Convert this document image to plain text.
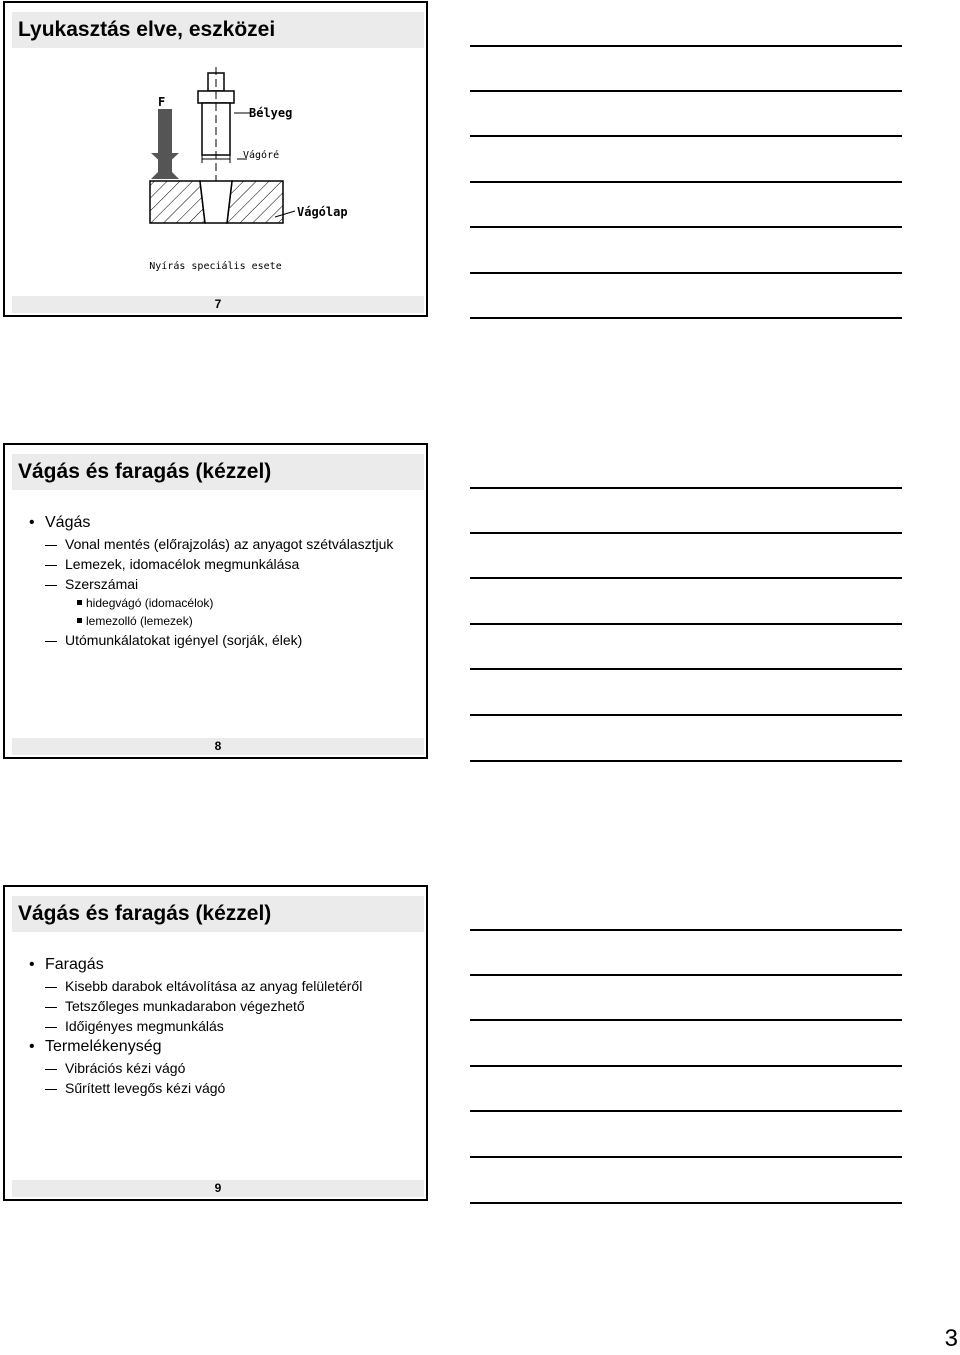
Lyukasztás elve, eszközei
F
Bélyeg
Vágóré
Vágólap
Nyírás speciális esete
7
Vágás és faragás (kézzel)
• Vágás
Vonal mentés (előrajzolás) az anyagot szétválasztjuk
Lemezek, idomacélok megmunkálása
Szerszámai
hidegvágó (idomacélok)
lemezolló (lemezek)
Utómunkálatokat igényel (sorják, élek)
8
Vágás és faragás (kézzel)
• Faragás
Kisebb darabok eltávolítása az anyag felületéről
Tetszőleges munkadarabon végezhető
Időigényes megmunkálás
• Termelékenység
Vibrációs kézi vágó
Sűrített levegős kézi vágó
9
3
